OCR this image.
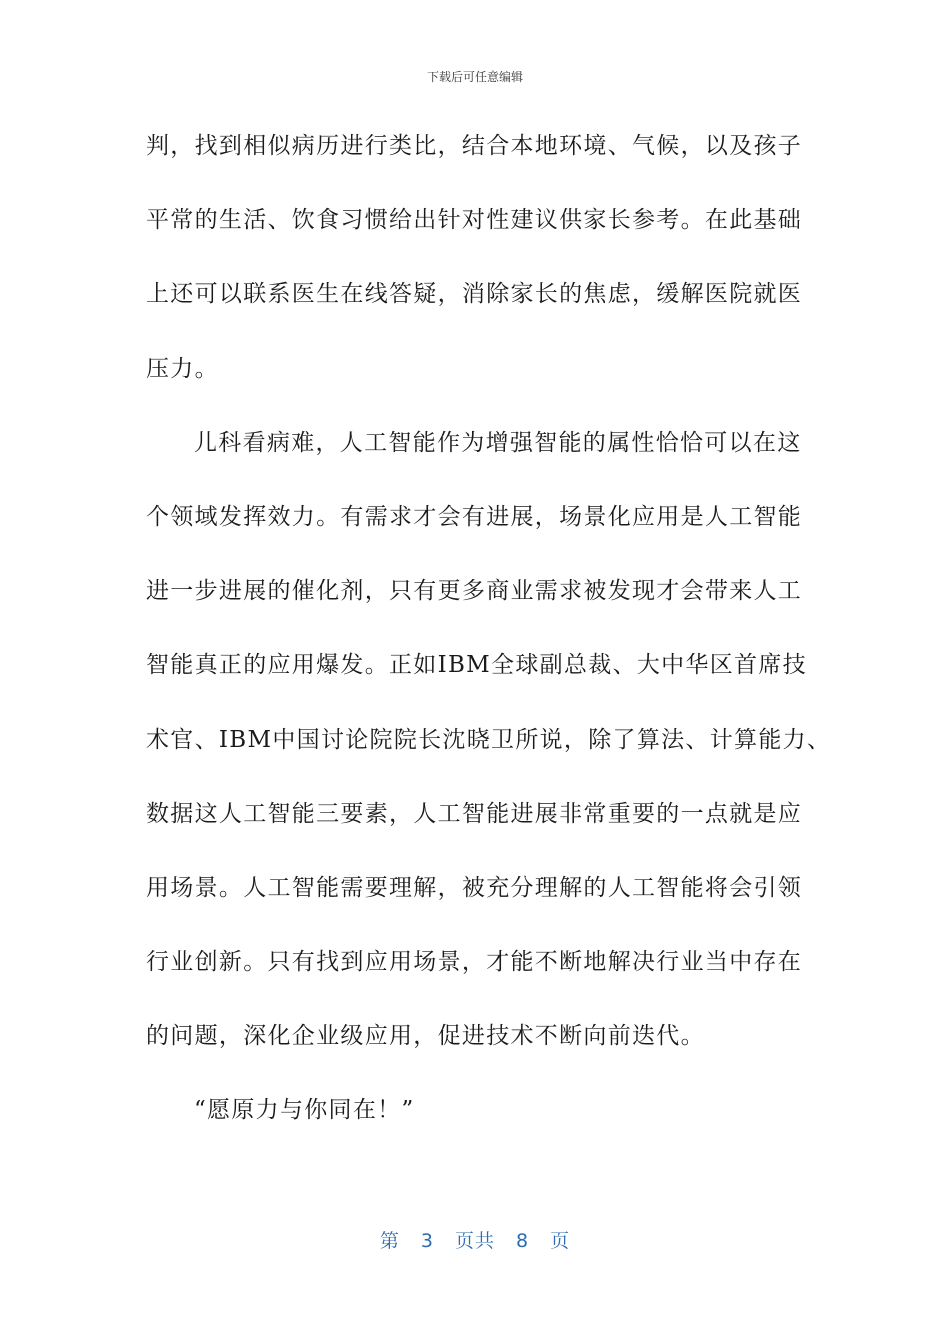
下载后可任意编辑
判，找到相似病历进行类比，结合本地环境、气候，以及孩子
平常的生活、饮食习惯给出针对性建议供家长参考。在此基础
上还可以联系医生在线答疑，消除家长的焦虑，缓解医院就医
压力。
儿科看病难，人工智能作为增强智能的属性恰恰可以在这
个领域发挥效力。有需求才会有进展，场景化应用是人工智能
进一步进展的催化剂，只有更多商业需求被发现才会带来人工
智能真正的应用爆发。正如IBM全球副总裁、大中华区首席技
术官、IBM中国讨论院院长沈晓卫所说，除了算法、计算能力、
数据这人工智能三要素，人工智能进展非常重要的一点就是应
用场景。人工智能需要理解，被充分理解的人工智能将会引领
行业创新。只有找到应用场景，才能不断地解决行业当中存在
的问题，深化企业级应用，促进技术不断向前迭代。
“愿原力与你同在！”
第 3 页共 8 页
